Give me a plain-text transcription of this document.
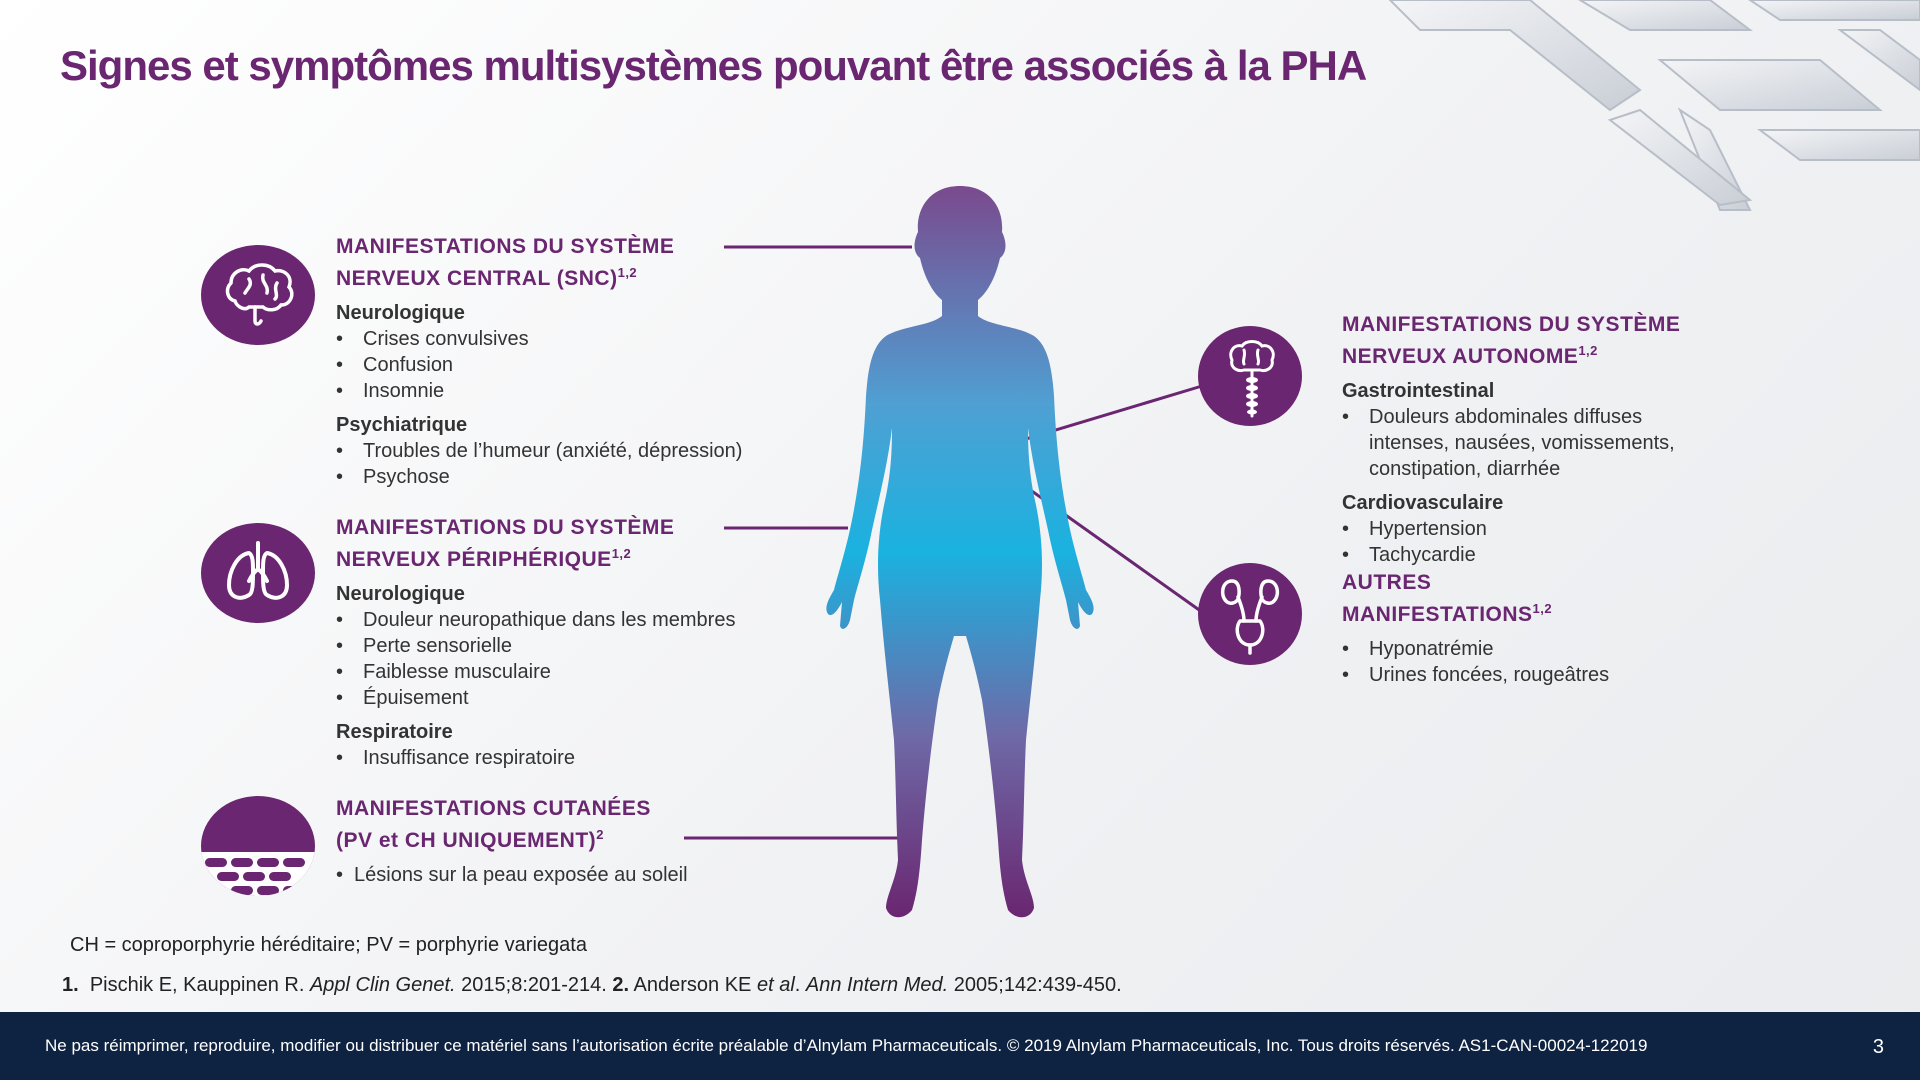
Signes et symptômes multisystèmes pouvant être associés à la PHA
MANIFESTATIONS DU SYSTÈME
NERVEUX CENTRAL (SNC)$^{1,2}$
Neurologique
• Crises convulsives
• Confusion
• Insomnie
Psychiatrique
• Troubles de l’humeur (anxiété, dépression)
• Psychose
MANIFESTATIONS DU SYSTÈME
NERVEUX PÉRIPHÉRIQUE$^{1,2}$
Neurologique
• Douleur neuropathique dans les membres
• Perte sensorielle
• Faiblesse musculaire
• Épuisement
Respiratoire
• Insuffisance respiratoire
MANIFESTATIONS CUTANÉES
(PV et CH UNIQUEMENT)$^2$
• Lésions sur la peau exposée au soleil
MANIFESTATIONS DU SYSTÈME
NERVEUX AUTONOME$^{1,2}$
Gastrointestinal
• Douleurs abdominales diffuses intenses, nausées, vomissements, constipation, diarrhée
Cardiovasculaire
• Hypertension
• Tachycardie
AUTRES
MANIFESTATIONS$^{1,2}$
• Hyponatrémie
• Urines foncées, rougeâtres
CH = coproporphyrie héréditaire; PV = porphyrie variegata
1. Pischik E, Kauppinen R. Appl Clin Genet. 2015;8:201-214. 2. Anderson KE et al. Ann Intern Med. 2005;142:439-450.
Ne pas réimprimer, reproduire, modifier ou distribuer ce matériel sans l’autorisation écrite préalable d’Alnylam Pharmaceuticals. © 2019 Alnylam Pharmaceuticals, Inc. Tous droits réservés. AS1-CAN-00024-122019	3
